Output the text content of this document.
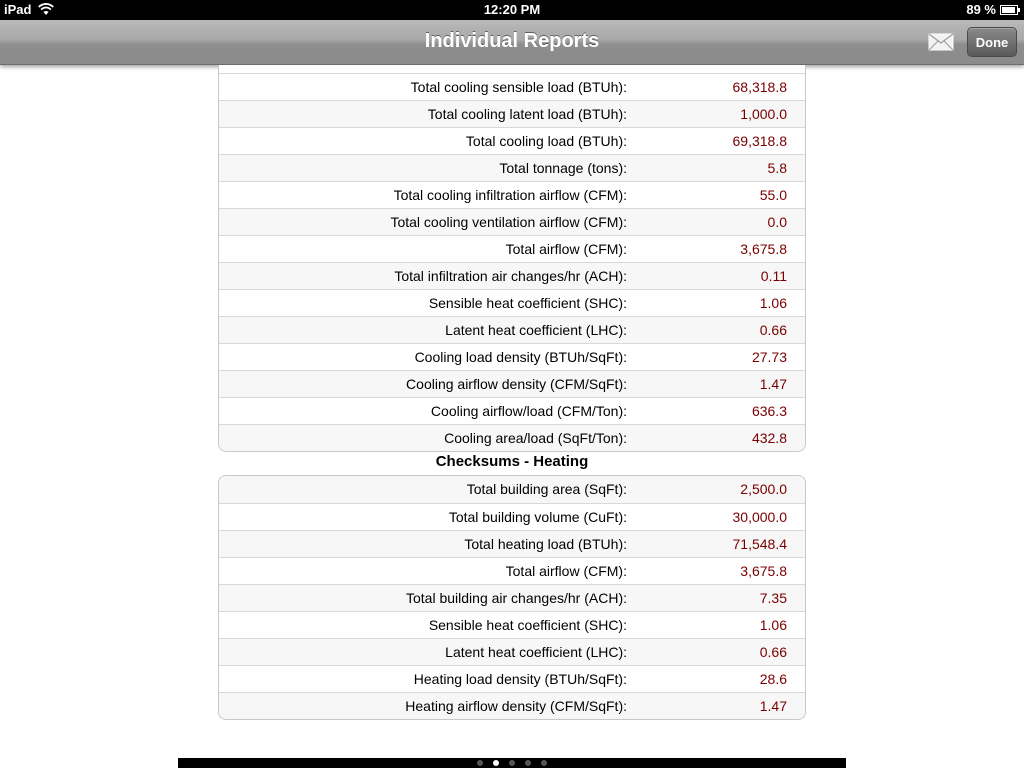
iPad	12:20 PM	89 %
Individual Reports	Done
Total cooling sensible load (BTUh):	68,318.8
Total cooling latent load (BTUh):	1,000.0
Total cooling load (BTUh):	69,318.8
Total tonnage (tons):	5.8
Total cooling infiltration airflow (CFM):	55.0
Total cooling ventilation airflow (CFM):	0.0
Total airflow (CFM):	3,675.8
Total infiltration air changes/hr (ACH):	0.11
Sensible heat coefficient (SHC):	1.06
Latent heat coefficient (LHC):	0.66
Cooling load density (BTUh/SqFt):	27.73
Cooling airflow density (CFM/SqFt):	1.47
Cooling airflow/load (CFM/Ton):	636.3
Cooling area/load (SqFt/Ton):	432.8
Checksums - Heating
Total building area (SqFt):	2,500.0
Total building volume (CuFt):	30,000.0
Total heating load (BTUh):	71,548.4
Total airflow (CFM):	3,675.8
Total building air changes/hr (ACH):	7.35
Sensible heat coefficient (SHC):	1.06
Latent heat coefficient (LHC):	0.66
Heating load density (BTUh/SqFt):	28.6
Heating airflow density (CFM/SqFt):	1.47
